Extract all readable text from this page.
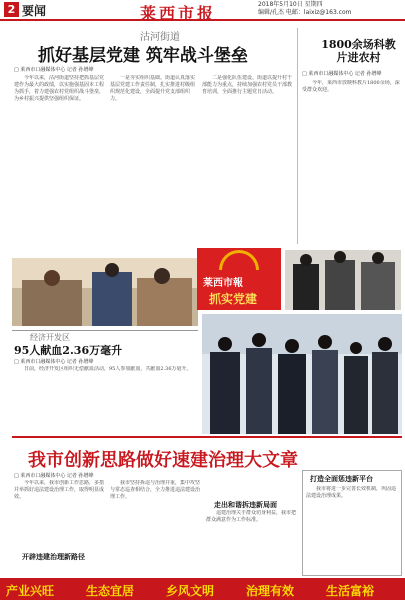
2 要闻	莱西市报	2018年5月10日 星期四
编辑/孔杰 电邮：laixiz@163.com
沽河街道
抓好基层党建 筑牢战斗堡垒
□ 莱西市口融媒体中心 记者 孙增峰

今年以来，沽河街道坚持把抓基层党建作为最大的政绩，以实施强基固本工程为抓手，着力建强农村党组织战斗堡垒，为乡村振兴提供坚强组织保证。

一是夯实组织基础。街道认真落实基层党建工作责任制，扎实推进村级组织规范化建设，全面提升党支部组织力。

二是强化队伍建设。街道以提升村干部能力为重点，持续加强农村党员干部教育培训，全面推行主题党日活动。

莱西市報
抓实党建
1800余场科教片进农村
□ 莱西市口融媒体中心 记者 孙增峰

今年，莱西市放映科教片1800余场，深受群众欢迎。

经济开发区
95人献血2.36万毫升
□ 莱西市口融媒体中心 记者 孙增峰

日前，经济开发区组织无偿献血活动，95人参加献血，共献血2.36万毫升。

我市创新思路做好速建治理大文章
□ 莱西市口融媒体中心 记者 孙增峰

今年以来，我市创新工作思路，多措并举抓好违法建设治理工作，取得明显成效。

开辟违建治理新路径

我市坚持拆违与治理并重，集中攻坚与常态巡查相结合，全力推进违法建设治理工作。

走出和谐拆违新局面

违建治理关乎群众切身利益，我市把群众满意作为工作标准。

打造全面惩违新平台

我市将进一步完善长效机制，巩固违法建设治理成果。

产业兴旺	生态宜居	乡风文明	治理有效	生活富裕
